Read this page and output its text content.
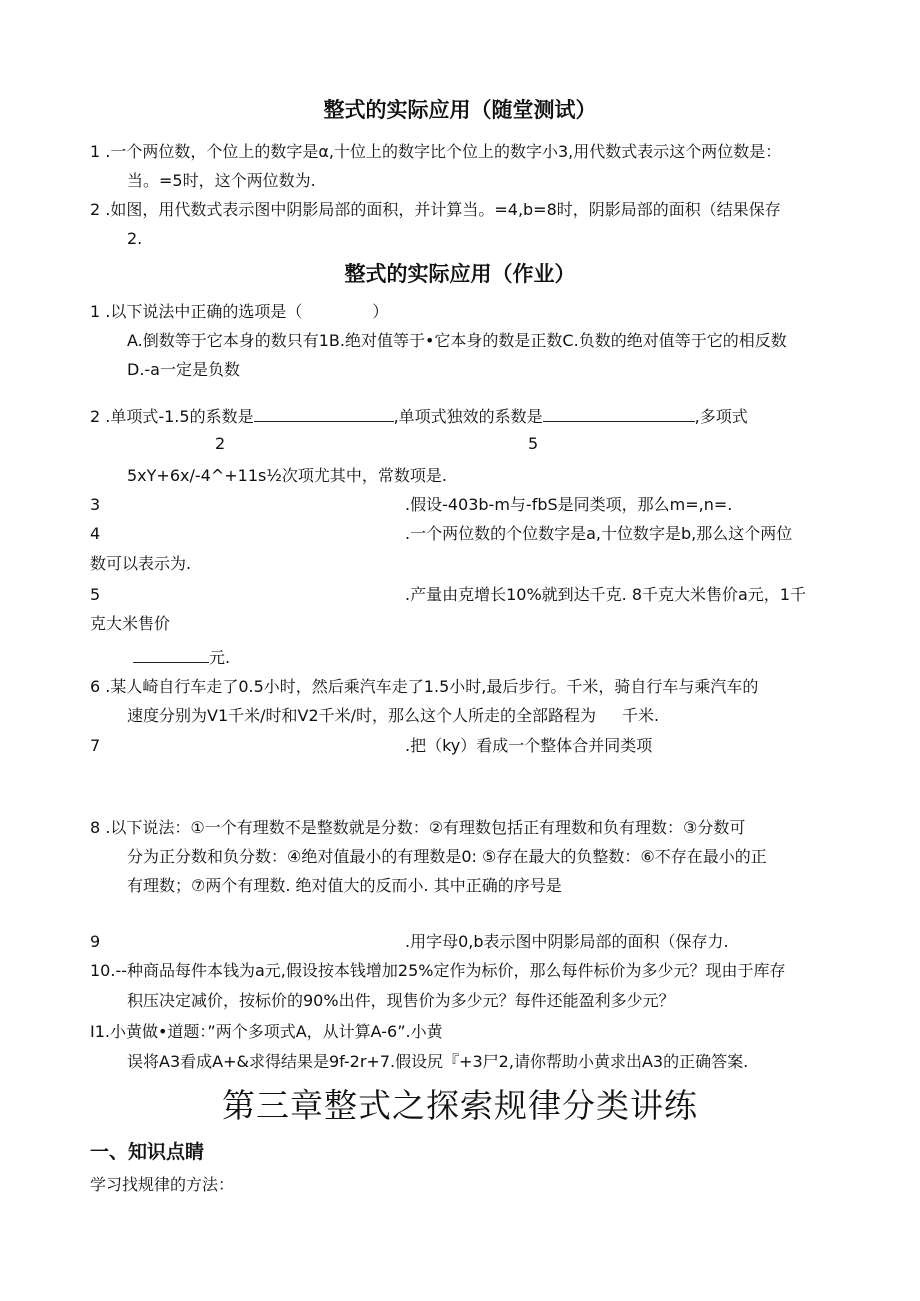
整式的实际应用（随堂测试）
1 .一个两位数，个位上的数字是α,十位上的数字比个位上的数字小3,用代数式表示这个两位数是：
当。=5时，这个两位数为.
2 .如图，用代数式表示图中阴影局部的面积，并计算当。=4,b=8时，阴影局部的面积（结果保存
2.
整式的实际应用（作业）
1 .以下说法中正确的选项是（	）
A.倒数等于它本身的数只有1B.绝对值等于•它本身的数是正数C.负数的绝对值等于它的相反数
D.-a一定是负数
2 .单项式-1.5的系数是	,单项式独效的系数是	,多项式
2	5
5xY+6x∕-4^+11s½次项尤其中，常数项是.
3	.假设-403b-m与-fbS是同类项，那么m=,n=.
4	.一个两位数的个位数字是a,十位数字是b,那么这个两位
数可以表示为.
5	.产量由克增长10%就到达千克. 8千克大米售价a元，1千
克大米售价
元.
6 .某人崎自行车走了0.5小时，然后乘汽车走了1.5小时,最后步行。千米，骑自行车与乘汽车的
速度分别为V1千米/时和V2千米/时，那么这个人所走的全部路程为 千米.
7	.把（ky）看成一个整体合并同类项
8 .以下说法：①一个有理数不是整数就是分数：②有理数包括正有理数和负有理数：③分数可
分为正分数和负分数：④绝对值最小的有理数是0: ⑤存在最大的负整数：⑥不存在最小的正
有理数；⑦两个有理数. 绝对值大的反而小. 其中正确的序号是
9	.用字母0,b表示图中阴影局部的面积（保存力.
10.--种商品每件本钱为a元,假设按本钱增加25%定作为标价，那么每件标价为多少元？现由于库存
积压决定减价，按标价的90%出件，现售价为多少元？每件还能盈利多少元？
I1.小黄做•道题：”两个多项式A，从计算A-6”.小黄
误将A3看成A+&求得结果是9f-2r+7.假设尻『+3尸2,请你帮助小黄求出A3的正确答案.
第三章整式之探索规律分类讲练
一、知识点睛
学习找规律的方法：
